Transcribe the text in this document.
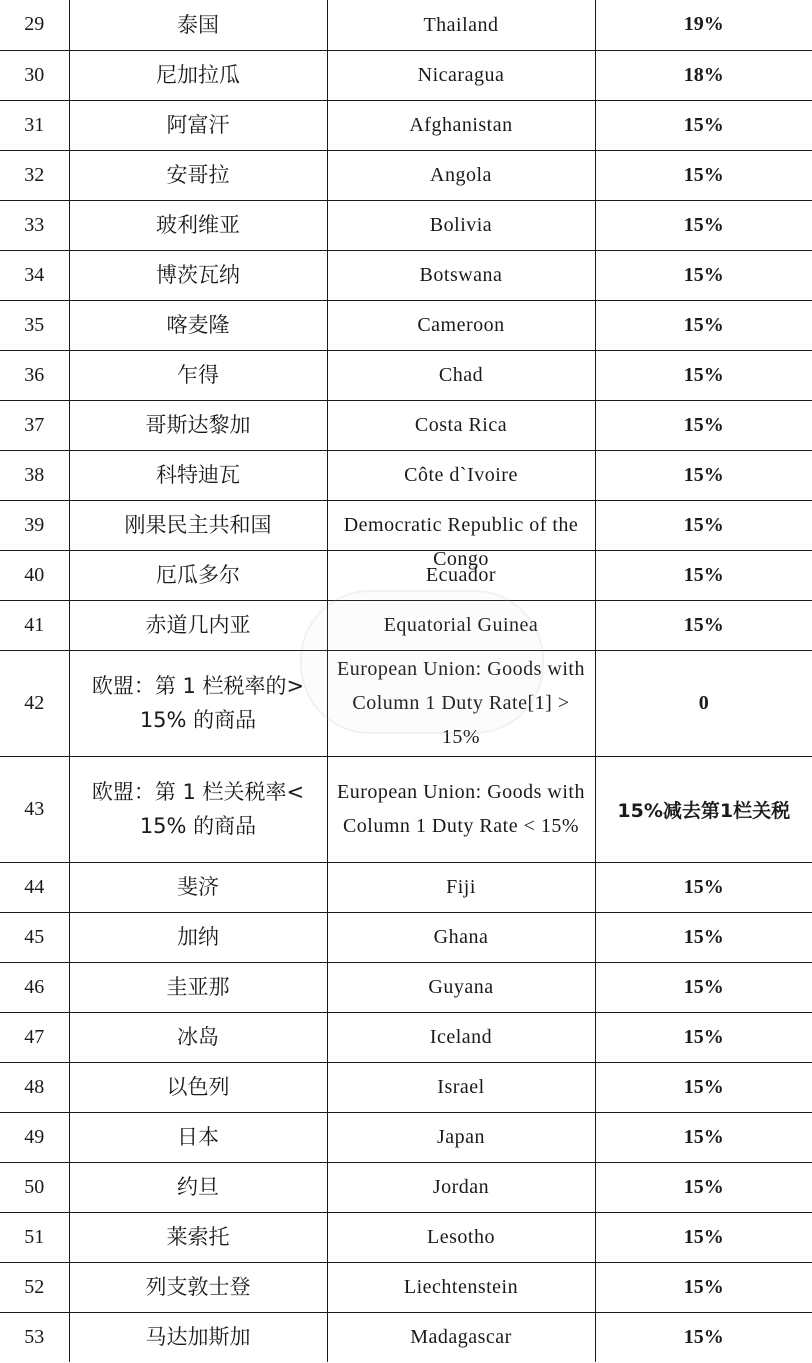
29	泰国	Thailand	19%
30	尼加拉瓜	Nicaragua	18%
31	阿富汗	Afghanistan	15%
32	安哥拉	Angola	15%
33	玻利维亚	Bolivia	15%
34	博茨瓦纳	Botswana	15%
35	喀麦隆	Cameroon	15%
36	乍得	Chad	15%
37	哥斯达黎加	Costa Rica	15%
38	科特迪瓦	Côte d`Ivoire	15%
39	刚果民主共和国	Democratic Republic of the Congo	15%
40	厄瓜多尔	Ecuador	15%
41	赤道几内亚	Equatorial Guinea	15%
42	欧盟：第 1 栏税率的> 15% 的商品	European Union: Goods with Column 1 Duty Rate[1] > 15%	0
43	欧盟：第 1 栏关税率< 15% 的商品	European Union: Goods with Column 1 Duty Rate < 15%	15%减去第1栏关税
44	斐济	Fiji	15%
45	加纳	Ghana	15%
46	圭亚那	Guyana	15%
47	冰岛	Iceland	15%
48	以色列	Israel	15%
49	日本	Japan	15%
50	约旦	Jordan	15%
51	莱索托	Lesotho	15%
52	列支敦士登	Liechtenstein	15%
53	马达加斯加	Madagascar	15%
